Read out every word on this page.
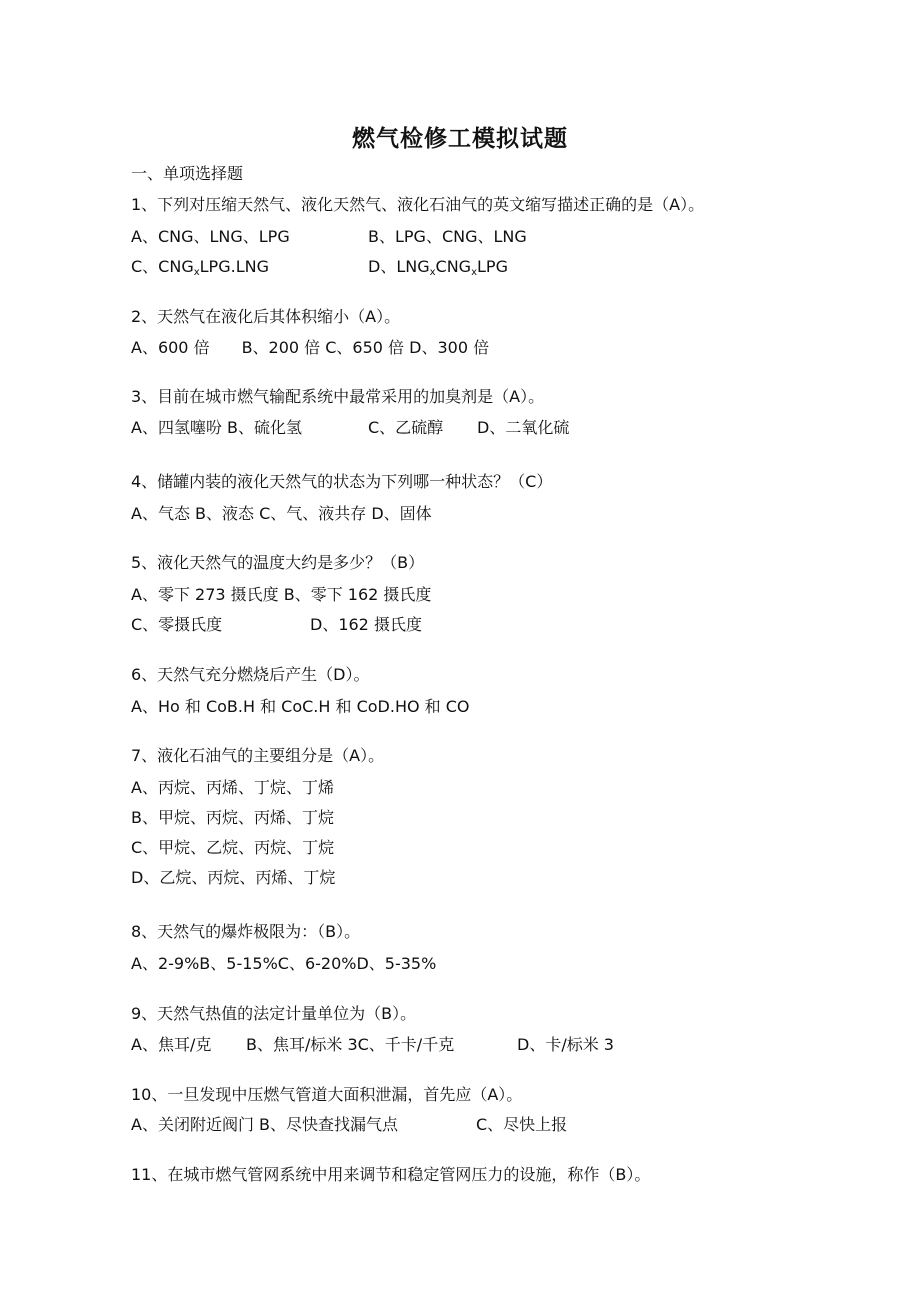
燃气检修工模拟试题
一、单项选择题
1、下列对压缩天然气、液化天然气、液化石油气的英文缩写描述正确的是（A）。
A、CNG、LNG、LPG	B、LPG、CNG、LNG
C、$CNG_xLPG.LNG$	D、$LNG_xCNG_xLPG$
2、天然气在液化后其体积缩小（A）。
A、600 倍　　B、200 倍 C、650 倍 D、300 倍
3、目前在城市燃气输配系统中最常采用的加臭剂是（A）。
A、四氢噻吩 B、硫化氢	C、乙硫醇 D、二氧化硫
4、储罐内装的液化天然气的状态为下列哪一种状态？（C）
A、气态 B、液态 C、气、液共存 D、固体
5、液化天然气的温度大约是多少？（B）
A、零下 273 摄氏度 B、零下 162 摄氏度
C、零摄氏度	D、162 摄氏度
6、天然气充分燃烧后产生（D）。
A、Ho 和 CoB.H 和 CoC.H 和 CoD.HO 和 CO
7、液化石油气的主要组分是（A）。
A、丙烷、丙烯、丁烷、丁烯
B、甲烷、丙烷、丙烯、丁烷
C、甲烷、乙烷、丙烷、丁烷
D、乙烷、丙烷、丙烯、丁烷
8、天然气的爆炸极限为：（B）。
A、2-9%B、5-15%C、6-20%D、5-35%
9、天然气热值的法定计量单位为（B）。
A、焦耳/克 B、焦耳/标米 3C、千卡/千克	D、卡/标米 3
10、一旦发现中压燃气管道大面积泄漏，首先应（A）。
A、关闭附近阀门 B、尽快查找漏气点	C、尽快上报
11、在城市燃气管网系统中用来调节和稳定管网压力的设施，称作（B）。
